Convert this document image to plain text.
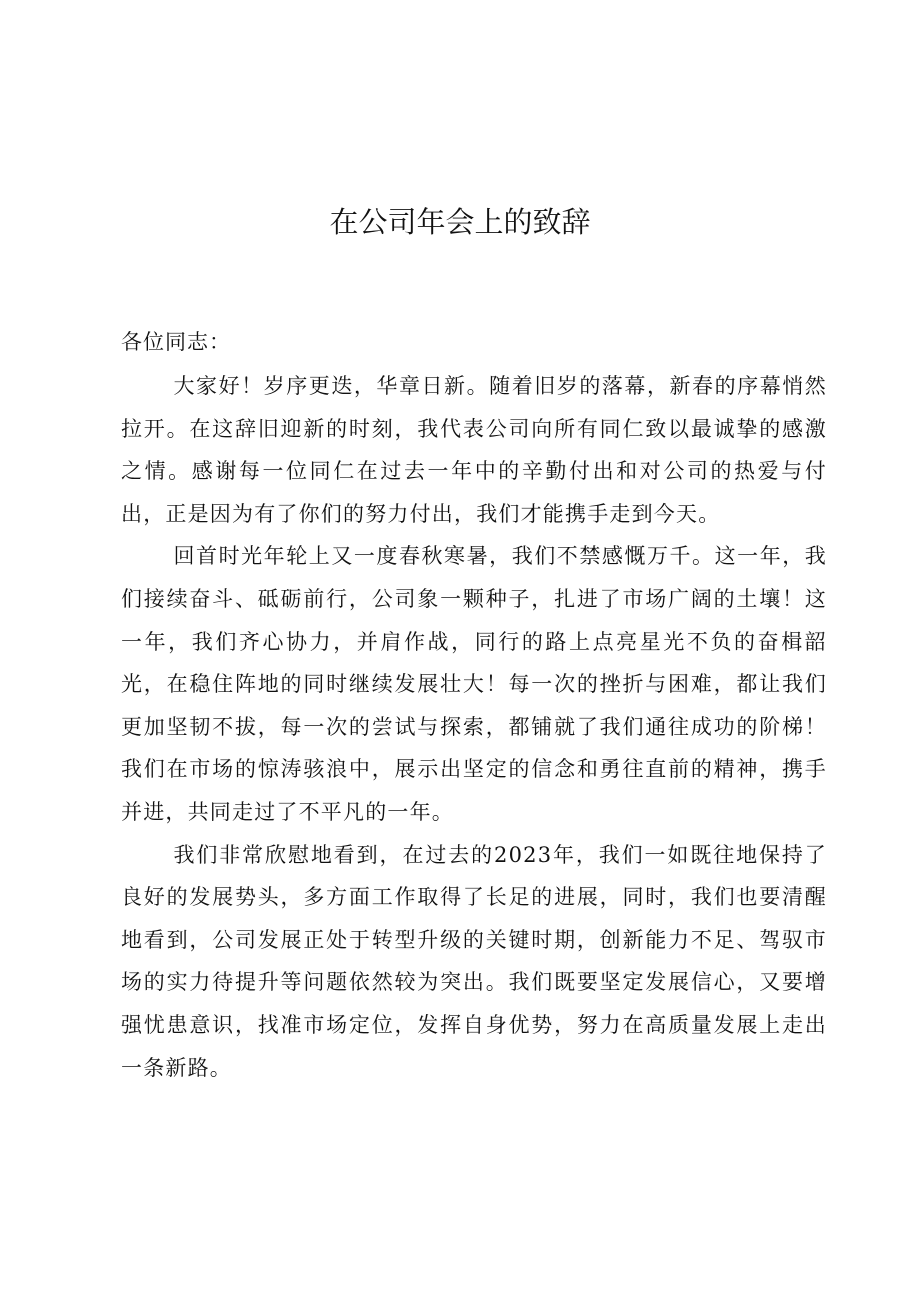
在公司年会上的致辞

各位同志：

大家好！岁序更迭，华章日新。随着旧岁的落幕，新春的序幕悄然拉开。在这辞旧迎新的时刻，我代表公司向所有同仁致以最诚挚的感激之情。感谢每一位同仁在过去一年中的辛勤付出和对公司的热爱与付出，正是因为有了你们的努力付出，我们才能携手走到今天。

回首时光年轮上又一度春秋寒暑，我们不禁感慨万千。这一年，我们接续奋斗、砥砺前行，公司象一颗种子，扎进了市场广阔的土壤！这一年，我们齐心协力，并肩作战，同行的路上点亮星光不负的奋楫韶光，在稳住阵地的同时继续发展壮大！每一次的挫折与困难，都让我们更加坚韧不拔，每一次的尝试与探索，都铺就了我们通往成功的阶梯！我们在市场的惊涛骇浪中，展示出坚定的信念和勇往直前的精神，携手并进，共同走过了不平凡的一年。

我们非常欣慰地看到，在过去的2023年，我们一如既往地保持了良好的发展势头，多方面工作取得了长足的进展，同时，我们也要清醒地看到，公司发展正处于转型升级的关键时期，创新能力不足、驾驭市场的实力待提升等问题依然较为突出。我们既要坚定发展信心，又要增强忧患意识，找准市场定位，发挥自身优势，努力在高质量发展上走出一条新路。
